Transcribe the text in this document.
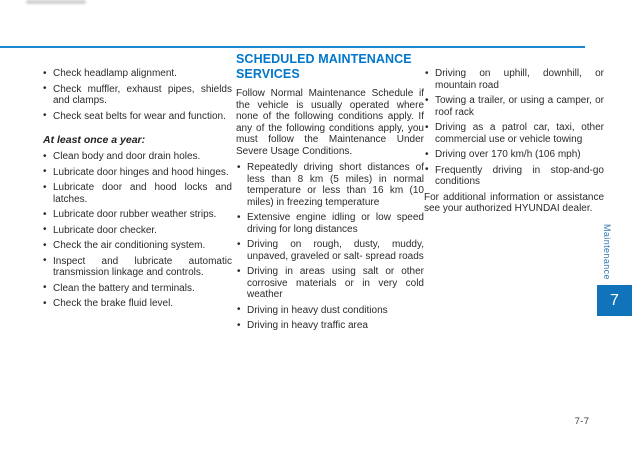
• Check headlamp alignment.
• Check muffler, exhaust pipes, shields and clamps.
• Check seat belts for wear and function.
At least once a year:
• Clean body and door drain holes.
• Lubricate door hinges and hood hinges.
• Lubricate door and hood locks and latches.
• Lubricate door rubber weather strips.
• Lubricate door checker.
• Check the air conditioning system.
• Inspect and lubricate automatic transmission linkage and controls.
• Clean the battery and terminals.
• Check the brake fluid level.
SCHEDULED MAINTENANCE SERVICES

Follow Normal Maintenance Schedule if the vehicle is usually operated where none of the following conditions apply. If any of the following conditions apply, you must follow the Maintenance Under Severe Usage Conditions.

• Repeatedly driving short distances of less than 8 km (5 miles) in normal temperature or less than 16 km (10 miles) in freezing temperature
• Extensive engine idling or low speed driving for long distances
• Driving on rough, dusty, muddy, unpaved, graveled or salt- spread roads
• Driving in areas using salt or other corrosive materials or in very cold weather
• Driving in heavy dust conditions
• Driving in heavy traffic area
• Driving on uphill, downhill, or mountain road
• Towing a trailer, or using a camper, or roof rack
• Driving as a patrol car, taxi, other commercial use or vehicle towing
• Driving over 170 km/h (106 mph)
• Frequently driving in stop-and-go conditions

For additional information or assistance see your authorized HYUNDAI dealer.

Maintenance
7
7-7
